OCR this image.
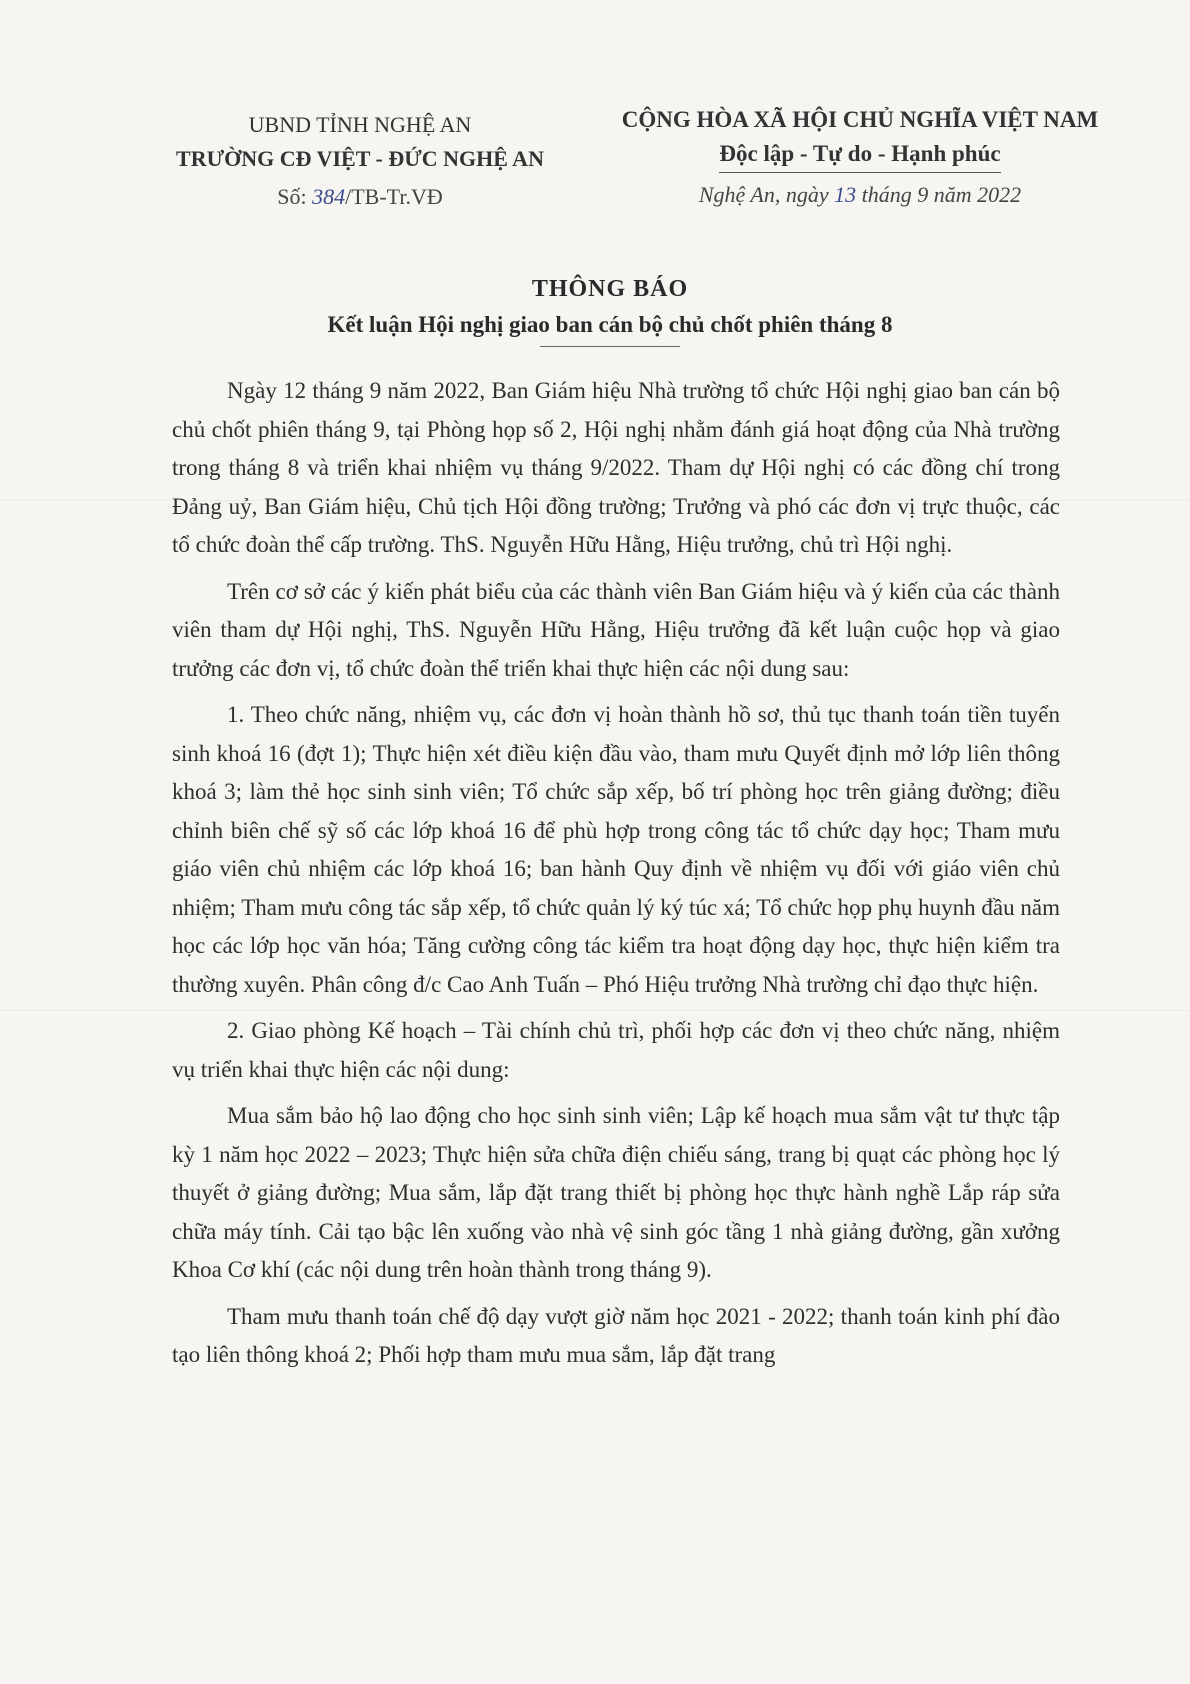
UBND TỈNH NGHỆ AN
TRƯỜNG CĐ VIỆT - ĐỨC NGHỆ AN
CỘNG HÒA XÃ HỘI CHỦ NGHĨA VIỆT NAM
Độc lập - Tự do - Hạnh phúc
Số: 384/TB-Tr.VĐ	Nghệ An, ngày 13 tháng 9 năm 2022
THÔNG BÁO
Kết luận Hội nghị giao ban cán bộ chủ chốt phiên tháng 8

Ngày 12 tháng 9 năm 2022, Ban Giám hiệu Nhà trường tổ chức Hội nghị giao ban cán bộ chủ chốt phiên tháng 9, tại Phòng họp số 2, Hội nghị nhằm đánh giá hoạt động của Nhà trường trong tháng 8 và triển khai nhiệm vụ tháng 9/2022. Tham dự Hội nghị có các đồng chí trong Đảng uỷ, Ban Giám hiệu, Chủ tịch Hội đồng trường; Trưởng và phó các đơn vị trực thuộc, các tổ chức đoàn thể cấp trường. ThS. Nguyễn Hữu Hằng, Hiệu trưởng, chủ trì Hội nghị.

Trên cơ sở các ý kiến phát biểu của các thành viên Ban Giám hiệu và ý kiến của các thành viên tham dự Hội nghị, ThS. Nguyễn Hữu Hằng, Hiệu trưởng đã kết luận cuộc họp và giao trưởng các đơn vị, tổ chức đoàn thể triển khai thực hiện các nội dung sau:

1. Theo chức năng, nhiệm vụ, các đơn vị hoàn thành hồ sơ, thủ tục thanh toán tiền tuyển sinh khoá 16 (đợt 1); Thực hiện xét điều kiện đầu vào, tham mưu Quyết định mở lớp liên thông khoá 3; làm thẻ học sinh sinh viên; Tổ chức sắp xếp, bố trí phòng học trên giảng đường; điều chỉnh biên chế sỹ số các lớp khoá 16 để phù hợp trong công tác tổ chức dạy học; Tham mưu giáo viên chủ nhiệm các lớp khoá 16; ban hành Quy định về nhiệm vụ đối với giáo viên chủ nhiệm; Tham mưu công tác sắp xếp, tổ chức quản lý ký túc xá; Tổ chức họp phụ huynh đầu năm học các lớp học văn hóa; Tăng cường công tác kiểm tra hoạt động dạy học, thực hiện kiểm tra thường xuyên. Phân công đ/c Cao Anh Tuấn – Phó Hiệu trưởng Nhà trường chỉ đạo thực hiện.

2. Giao phòng Kế hoạch – Tài chính chủ trì, phối hợp các đơn vị theo chức năng, nhiệm vụ triển khai thực hiện các nội dung:

Mua sắm bảo hộ lao động cho học sinh sinh viên; Lập kế hoạch mua sắm vật tư thực tập kỳ 1 năm học 2022 – 2023; Thực hiện sửa chữa điện chiếu sáng, trang bị quạt các phòng học lý thuyết ở giảng đường; Mua sắm, lắp đặt trang thiết bị phòng học thực hành nghề Lắp ráp sửa chữa máy tính. Cải tạo bậc lên xuống vào nhà vệ sinh góc tầng 1 nhà giảng đường, gần xưởng Khoa Cơ khí (các nội dung trên hoàn thành trong tháng 9).

Tham mưu thanh toán chế độ dạy vượt giờ năm học 2021 - 2022; thanh toán kinh phí đào tạo liên thông khoá 2; Phối hợp tham mưu mua sắm, lắp đặt trang
